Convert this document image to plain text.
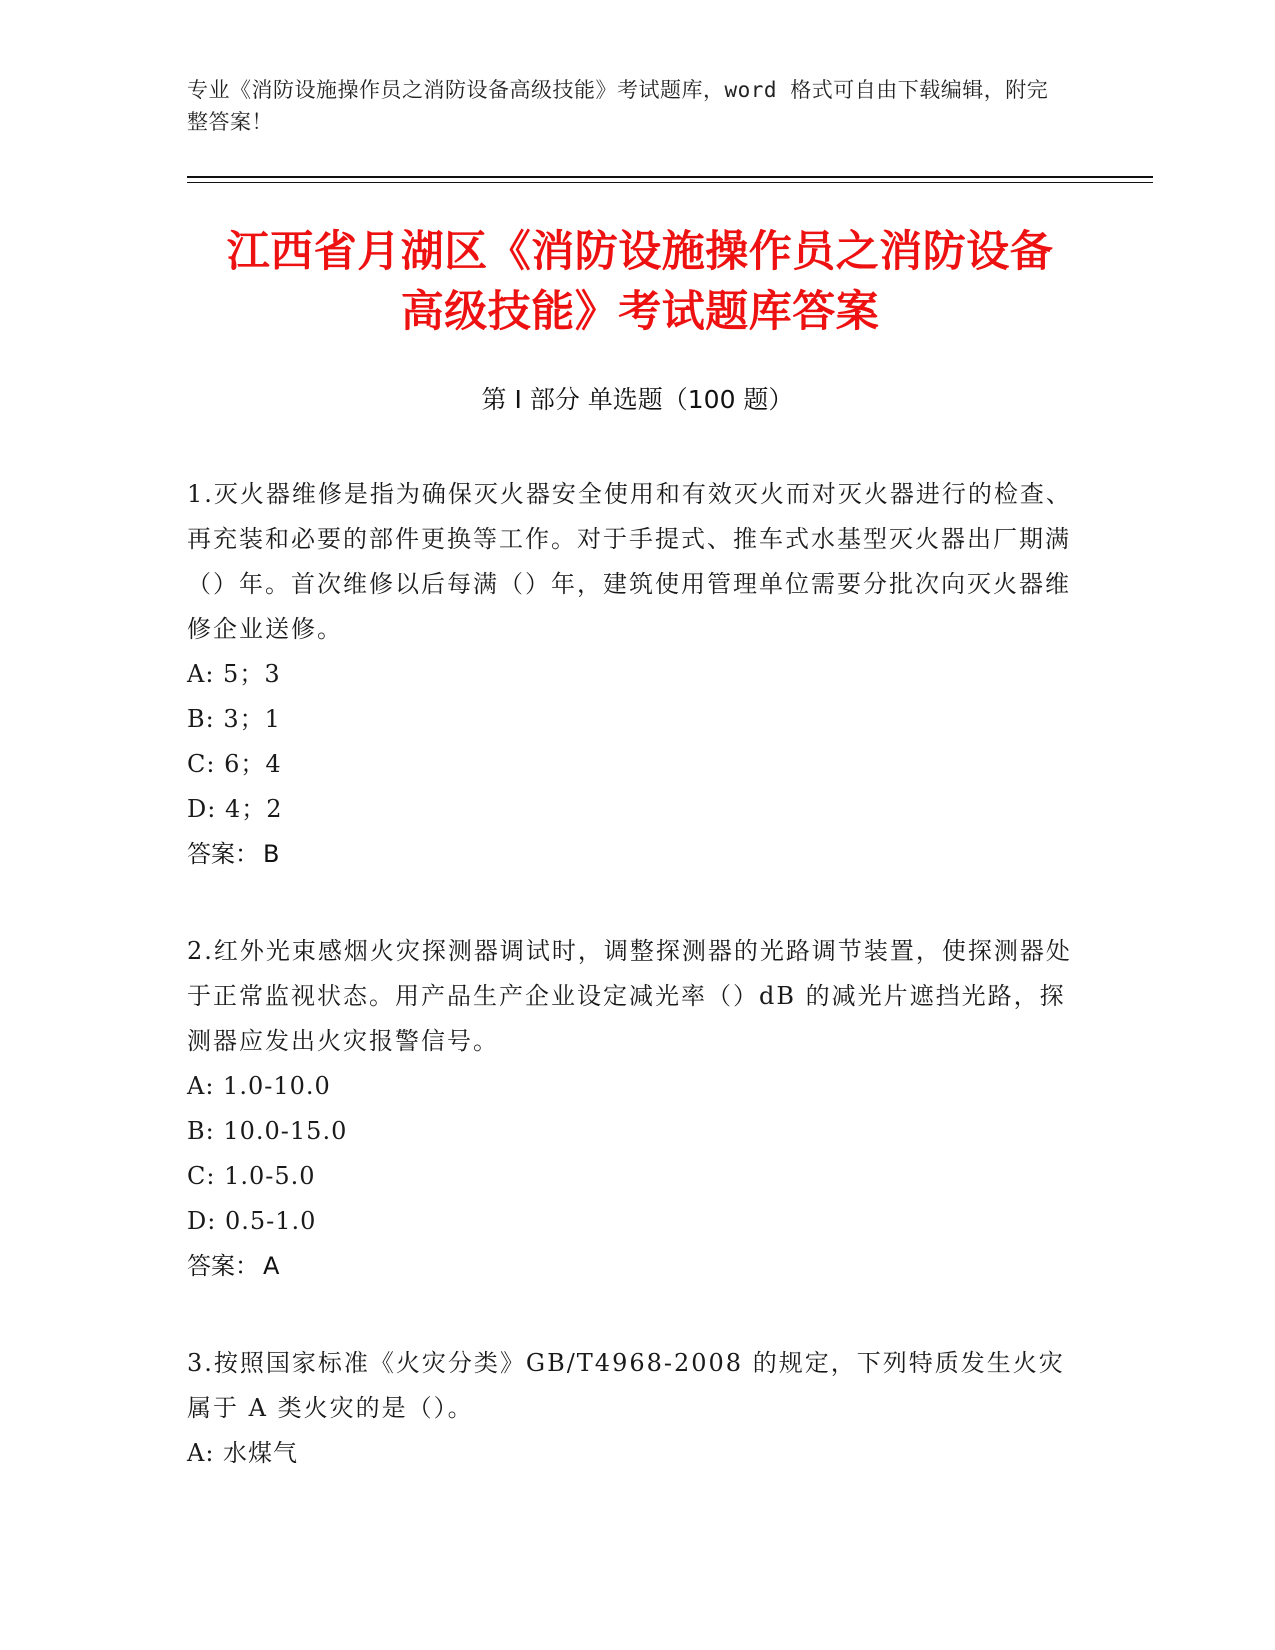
专业《消防设施操作员之消防设备高级技能》考试题库，word 格式可自由下载编辑，附完整答案！
江西省月湖区《消防设施操作员之消防设备
高级技能》考试题库答案
第 I 部分 单选题（100 题）
1.灭火器维修是指为确保灭火器安全使用和有效灭火而对灭火器进行的检查、再充装和必要的部件更换等工作。对于手提式、推车式水基型灭火器出厂期满（）年。首次维修以后每满（）年，建筑使用管理单位需要分批次向灭火器维修企业送修。
A: 5；3
B: 3；1
C: 6；4
D: 4；2
答案： B
2.红外光束感烟火灾探测器调试时，调整探测器的光路调节装置，使探测器处于正常监视状态。用产品生产企业设定减光率（）dB 的减光片遮挡光路，探测器应发出火灾报警信号。
A: 1.0-10.0
B: 10.0-15.0
C: 1.0-5.0
D: 0.5-1.0
答案： A
3.按照国家标准《火灾分类》GB/T4968-2008 的规定，下列特质发生火灾属于 A 类火灾的是（）。
A: 水煤气
